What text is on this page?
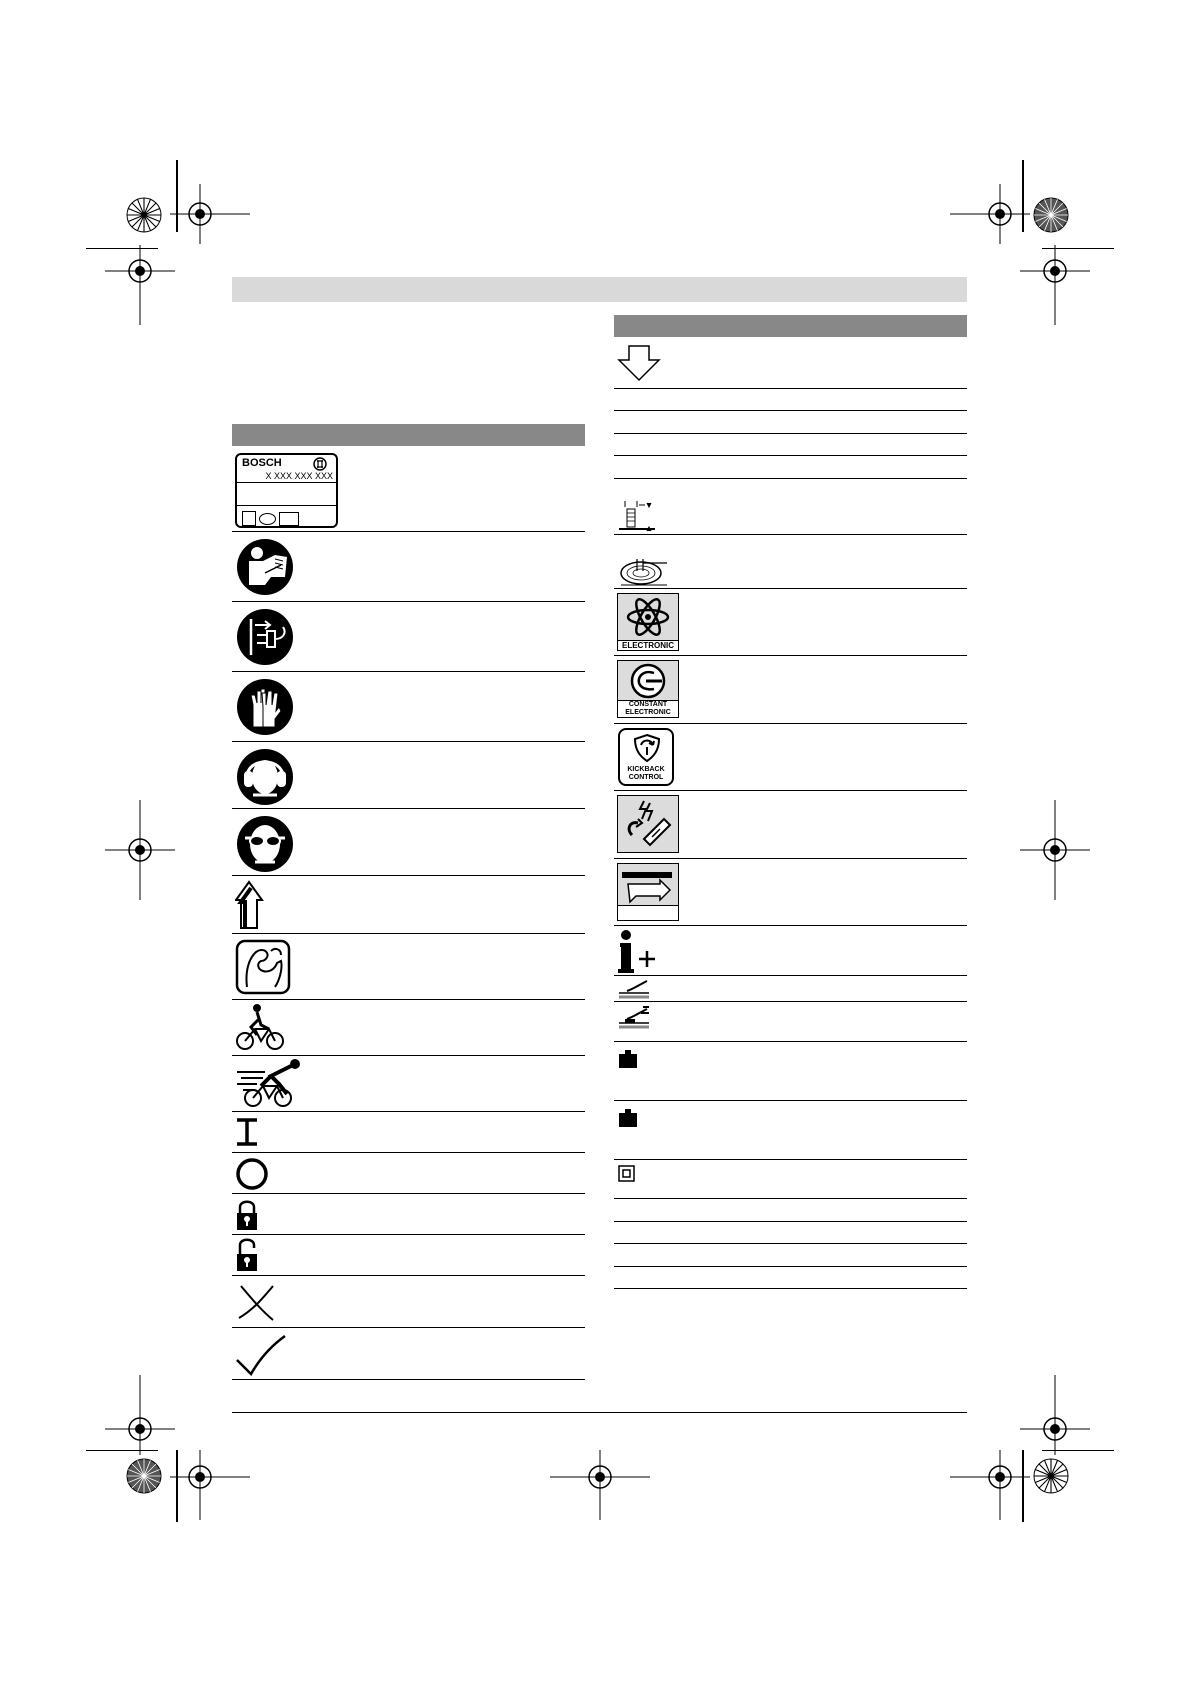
BOSCH
X XXX XXX XXX
ELECTRONIC
CONSTANT ELECTRONIC
KICKBACK CONTROL
